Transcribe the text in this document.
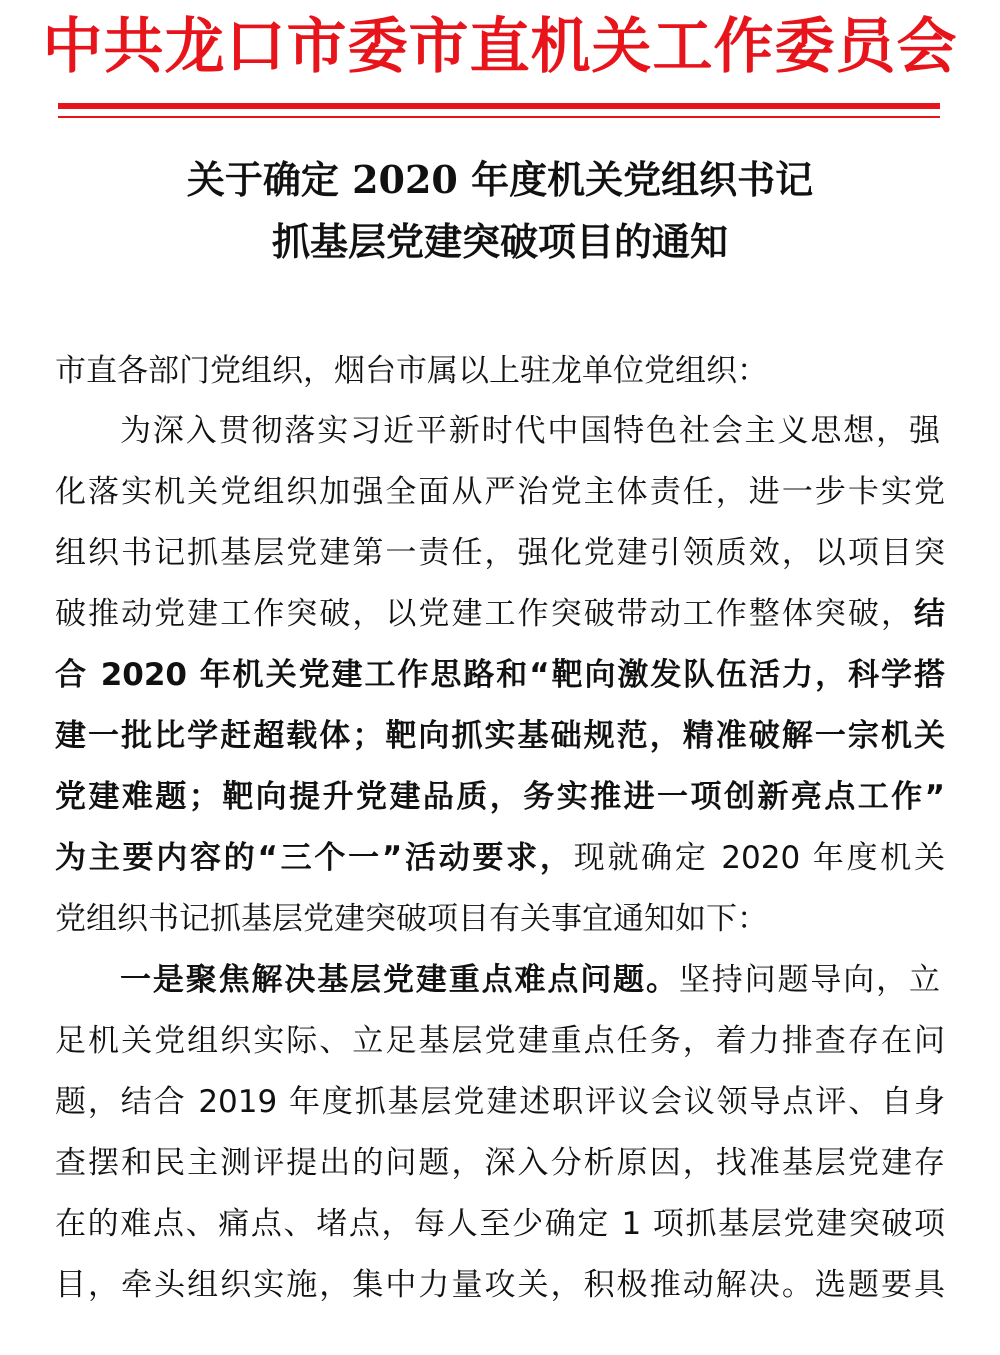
中共龙口市委市直机关工作委员会
关于确定 2020 年度机关党组织书记
抓基层党建突破项目的通知
市直各部门党组织，烟台市属以上驻龙单位党组织：
为深入贯彻落实习近平新时代中国特色社会主义思想，强
化落实机关党组织加强全面从严治党主体责任，进一步卡实党
组织书记抓基层党建第一责任，强化党建引领质效，以项目突
破推动党建工作突破，以党建工作突破带动工作整体突破，结
合 2020 年机关党建工作思路和“靶向激发队伍活力，科学搭
建一批比学赶超载体；靶向抓实基础规范，精准破解一宗机关
党建难题；靶向提升党建品质，务实推进一项创新亮点工作”
为主要内容的“三个一”活动要求，现就确定 2020 年度机关
党组织书记抓基层党建突破项目有关事宜通知如下：
一是聚焦解决基层党建重点难点问题。坚持问题导向，立
足机关党组织实际、立足基层党建重点任务，着力排查存在问
题，结合 2019 年度抓基层党建述职评议会议领导点评、自身
查摆和民主测评提出的问题，深入分析原因，找准基层党建存
在的难点、痛点、堵点，每人至少确定 1 项抓基层党建突破项
目，牵头组织实施，集中力量攻关，积极推动解决。选题要具
